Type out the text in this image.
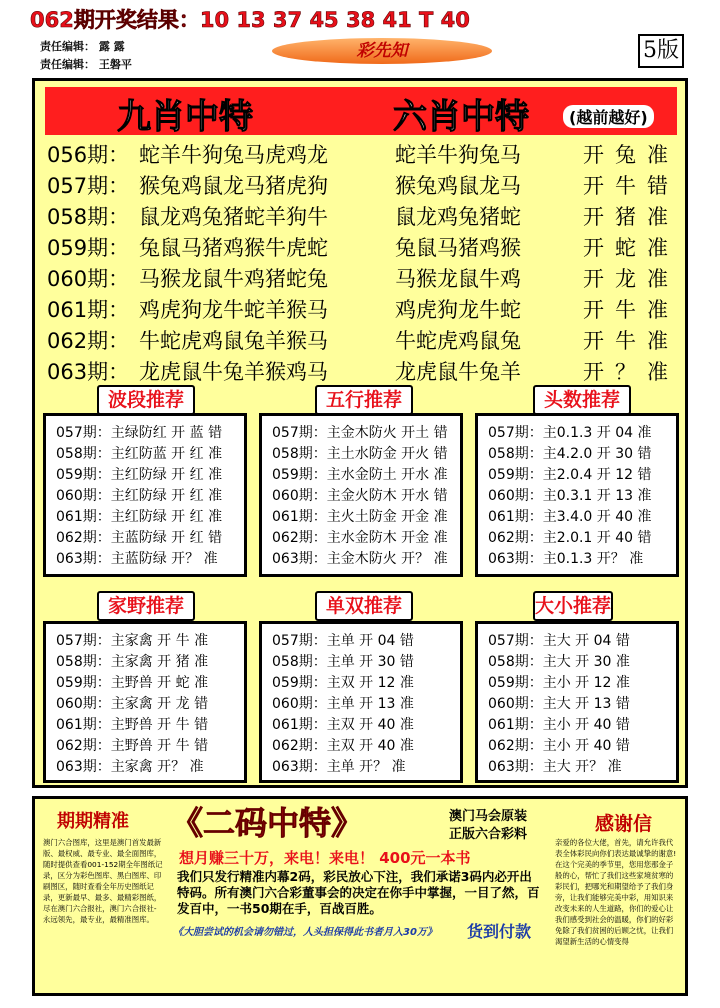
062期开奖结果：10 13 37 45 38 41 T 40
责任编辑： 露 露
责任编辑： 王磐平
彩先知	5版
九肖中特	六肖中特	(越前越好)
056期： 蛇羊牛狗兔马虎鸡龙	蛇羊牛狗兔马	开兔准
057期： 猴兔鸡鼠龙马猪虎狗	猴兔鸡鼠龙马	开牛错
058期： 鼠龙鸡兔猪蛇羊狗牛	鼠龙鸡兔猪蛇	开猪准
059期： 兔鼠马猪鸡猴牛虎蛇	兔鼠马猪鸡猴	开蛇准
060期： 马猴龙鼠牛鸡猪蛇兔	马猴龙鼠牛鸡	开龙准
061期： 鸡虎狗龙牛蛇羊猴马	鸡虎狗龙牛蛇	开牛准
062期： 牛蛇虎鸡鼠兔羊猴马	牛蛇虎鸡鼠兔	开牛准
063期： 龙虎鼠牛兔羊猴鸡马	龙虎鼠牛兔羊	开？准
057期：主绿防红 开 蓝 错
058期：主红防蓝 开 红 准
059期：主红防绿 开 红 准
060期：主红防绿 开 红 准
061期：主红防绿 开 红 准
062期：主蓝防绿 开 红 错
063期：主蓝防绿 开？ 准
波段推荐
057期：主金木防火 开土 错
058期：主土水防金 开火 错
059期：主水金防土 开水 准
060期：主金火防木 开水 错
061期：主火土防金 开金 准
062期：主水金防木 开金 准
063期：主金木防火 开？ 准
五行推荐
057期：主0.1.3 开 04 准
058期：主4.2.0 开 30 错
059期：主2.0.4 开 12 错
060期：主0.3.1 开 13 准
061期：主3.4.0 开 40 准
062期：主2.0.1 开 40 错
063期：主0.1.3 开？ 准
头数推荐
057期：主家禽 开 牛 准
058期：主家禽 开 猪 准
059期：主野兽 开 蛇 准
060期：主家禽 开 龙 错
061期：主野兽 开 牛 错
062期：主野兽 开 牛 错
063期：主家禽 开？ 准
家野推荐
057期：主单 开 04 错
058期：主单 开 30 错
059期：主双 开 12 准
060期：主单 开 13 准
061期：主双 开 40 准
062期：主双 开 40 准
063期：主单 开？ 准
单双推荐
057期：主大 开 04 错
058期：主大 开 30 准
059期：主小 开 12 准
060期：主大 开 13 错
061期：主小 开 40 错
062期：主小 开 40 错
063期：主大 开？ 准
大小推荐
期期精准
澳门六合图库，这里是澳门首发最新版、最权威、最专业、最全面图库，随时提供查看001-152期全年图纸记录，区分为彩色图库、黑白图库、印刷图区，随时查看全年历史图纸记录，更新最早、最多、最精彩图纸，尽在澳门六合报社，澳门六合报社-永远领先，最专业，最精准图库。
《二码中特》	澳门马会原装
正版六合彩料
想月赚三十万，来电！来电！ 400元一本书
我们只发行精准内幕2码，彩民放心下注，我们承诺3码内必开出特码。所有澳门六合彩董事会的决定在你手中掌握，一目了然，百发百中，一书50期在手，百战百胜。
《大胆尝试的机会请勿错过，人头担保得此书者月入30万》 货到付款
感谢信
亲爱的各位大佬，首先，请允许我代表全体彩民向你们表达最诚挚的谢意!在这个完美的季节里，您用您那金子般的心，帮忙了我们这些家境贫寒的彩民们，把哪光和期望给予了我们身旁，让我们能够完美中彩，用知识来改变未来的人生道路，你们的爱心让我们感受到社会的温暖，你们的好彩免除了我们贫困的后顾之忧，让我们渴望新生活的心情变得
